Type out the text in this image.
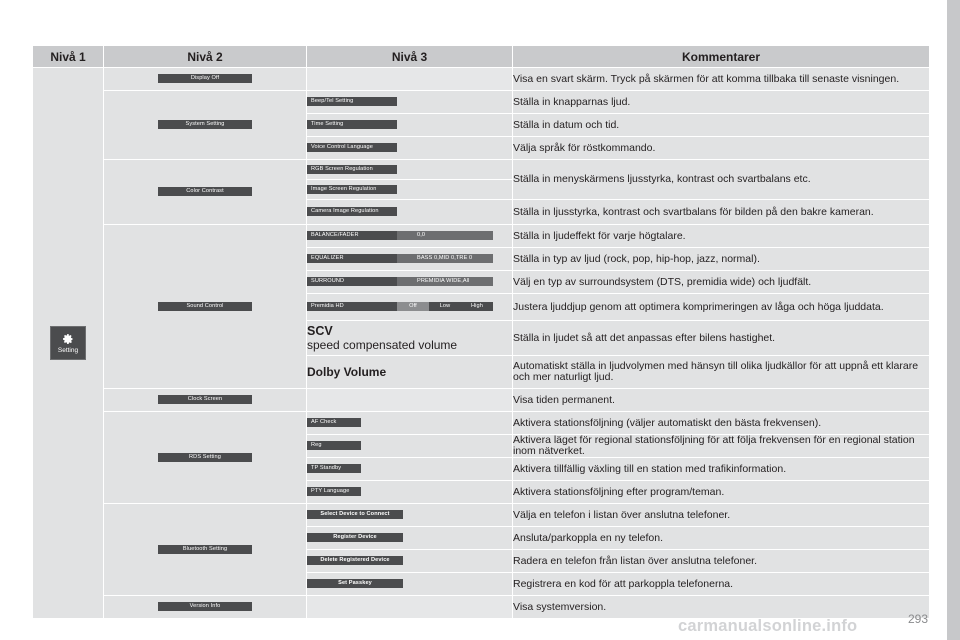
Nivå 1	Nivå 2	Nivå 3	Kommentarer

Setting	Display Off		Visa en svart skärm. Tryck på skärmen för att komma tillbaka till senaste visningen.
	System Setting	Beep/Tel Setting	Ställa in knapparnas ljud.
		Time Setting	Ställa in datum och tid.
		Voice Control Language	Välja språk för röstkommando.
	Color Contrast	RGB Screen Regulation	Ställa in menyskärmens ljusstyrka, kontrast och svartbalans etc.
		Image Screen Regulation	
		Camera Image Regulation	Ställa in ljusstyrka, kontrast och svartbalans för bilden på den bakre kameran.
	Sound Control	BALANCE/FADER 0,0	Ställa in ljudeffekt för varje högtalare.

		EQUALIZER BASS 0,MID 0,TRE 0	Ställa in typ av ljud (rock, pop, hip-hop, jazz, normal).

		SURROUND PREMIDIA WIDE,All	Välj en typ av surroundsystem (DTS, premidia wide) och ljudfält.

		Premidia HD Off Low High	Justera ljuddjup genom att optimera komprimeringen av låga och höga ljuddata.

		SCV
speed compensated volume	Ställa in ljudet så att det anpassas efter bilens hastighet.
		Dolby Volume	Automatiskt ställa in ljudvolymen med hänsyn till olika ljudkällor för att uppnå ett klarare och mer naturligt ljud.
	Clock Screen		Visa tiden permanent.
	RDS Setting	AF Check	Aktivera stationsföljning (väljer automatiskt den bästa frekvensen).
		Reg	Aktivera läget för regional stationsföljning för att följa frekvensen för en regional station inom nätverket.
		TP Standby	Aktivera tillfällig växling till en station med trafikinformation.
		PTY Language	Aktivera stationsföljning efter program/teman.
	Bluetooth Setting	Select Device to Connect	Välja en telefon i listan över anslutna telefoner.
		Register Device	Ansluta/parkoppla en ny telefon.
		Delete Registered Device	Radera en telefon från listan över anslutna telefoner.
		Set Passkey	Registrera en kod för att parkoppla telefonerna.
	Version Info		Visa systemversion.
293
carmanualsonline.info
